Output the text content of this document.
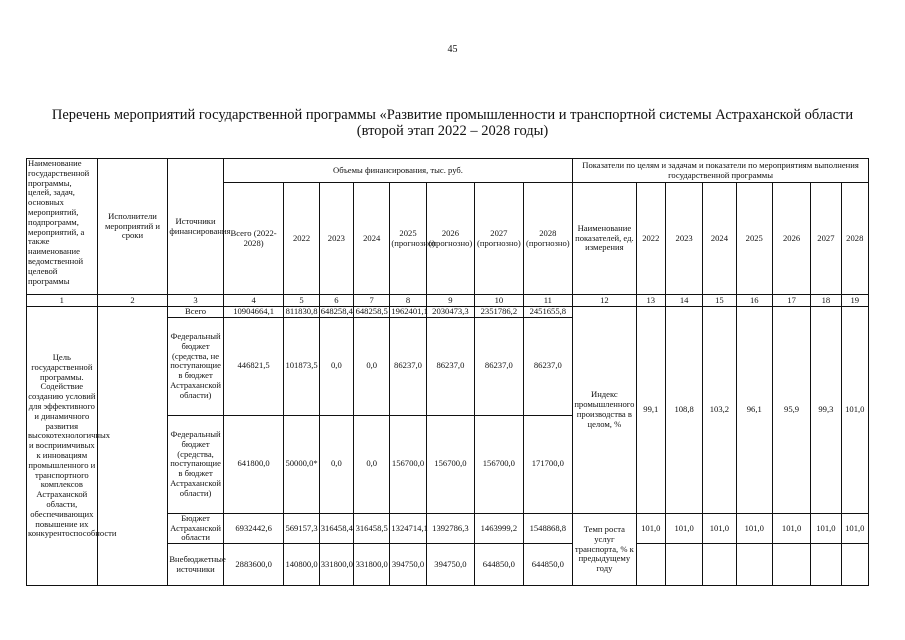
45
Перечень мероприятий государственной программы «Развитие промышленности и транспортной системы Астраханской области
(второй этап 2022 – 2028 годы)
Наименование государственной программы, целей, задач, основных мероприятий, подпрограмм, мероприятий, а также наименование ведомственной целевой программы	Исполнители мероприятий и сроки	Источники финансирования	Объемы финансирования, тыс. руб.								Показатели по целям и задачам и показатели по мероприятиям выполнения государственной программы							
			Всего (2022-2028)	2022	2023	2024	2025 (прогнозно)	2026 (прогнозно)	2027 (прогнозно)	2028 (прогнозно)	Наименование показателей, ед. измерения	2022	2023	2024	2025	2026	2027	2028
1	2	3	4	5	6	7	8	9	10	11	12	13	14	15	16	17	18	19
Цель государственной программы. Содействие созданию условий для эффективного и динамичного развития высокотехнологичных и восприимчивых к инновациям промышленного и транспортного комплексов Астраханской области, обеспечивающих повышение их конкурентоспособности		Всего	10904664,1	811830,8	648258,4	648258,5	1962401,1	2030473,3	2351786,2	2451655,8	Индекс промышленного производства в целом, %	99,1	108,8	103,2	96,1	95,9	99,3	101,0
		Федеральный бюджет (средства, не поступающие в бюджет Астраханской области)	446821,5	101873,5	0,0	0,0	86237,0	86237,0	86237,0	86237,0								
		Федеральный бюджет (средства, поступающие в бюджет Астраханской области)	641800,0	50000,0*	0,0	0,0	156700,0	156700,0	156700,0	171700,0								
		Бюджет Астраханской области	6932442,6	569157,3	316458,4	316458,5	1324714,1	1392786,3	1463999,2	1548868,8	Темп роста услуг транспорта, % к предыдущему году	101,0	101,0	101,0	101,0	101,0	101,0	101,0
		Внебюджетные источники	2883600,0	140800,0	331800,0	331800,0	394750,0	394750,0	644850,0	644850,0								
